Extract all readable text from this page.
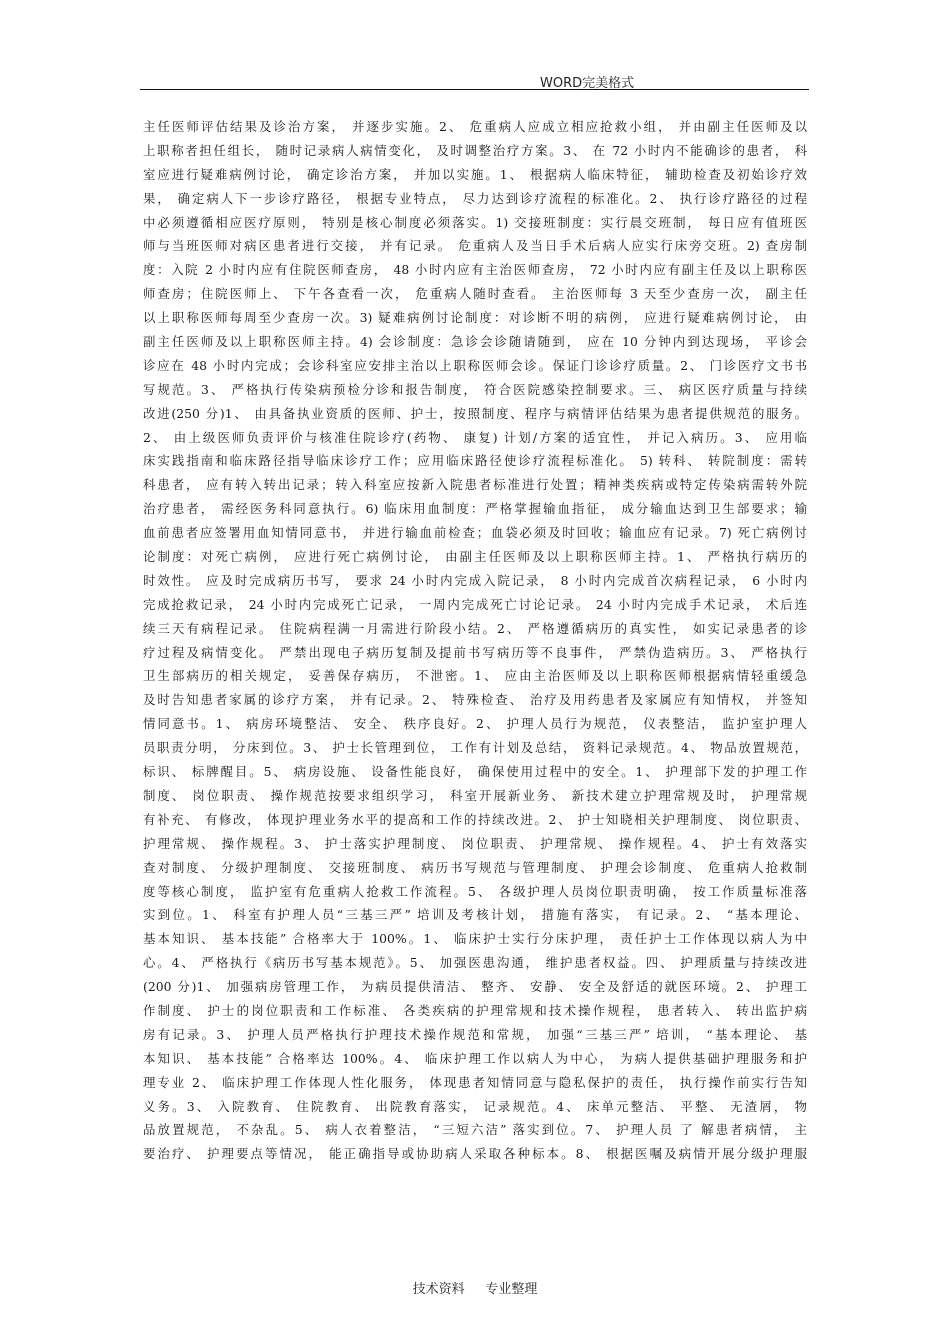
WORD完美格式
主任医师评估结果及诊治方案， 并逐步实施。2、 危重病人应成立相应抢救小组， 并由副主任医师及以
上职称者担任组长， 随时记录病人病情变化， 及时调整治疗方案。3、 在 72 小时内不能确诊的患者， 科
室应进行疑难病例讨论， 确定诊治方案， 并加以实施。1、 根据病人临床特征， 辅助检查及初始诊疗效
果， 确定病人下一步诊疗路径， 根据专业特点， 尽力达到诊疗流程的标准化。2、 执行诊疗路径的过程
中必须遵循相应医疗原则， 特别是核心制度必须落实。1) 交接班制度：实行晨交班制， 每日应有值班医
师与当班医师对病区患者进行交接， 并有记录。 危重病人及当日手术后病人应实行床旁交班。2) 查房制
度：入院 2 小时内应有住院医师查房， 48 小时内应有主治医师查房， 72 小时内应有副主任及以上职称医
师查房；住院医师上、 下午各查看一次， 危重病人随时查看。 主治医师每 3 天至少查房一次， 副主任
以上职称医师每周至少查房一次。3) 疑难病例讨论制度：对诊断不明的病例， 应进行疑难病例讨论， 由
副主任医师及以上职称医师主持。4) 会诊制度：急诊会诊随请随到， 应在 10 分钟内到达现场， 平诊会
诊应在 48 小时内完成；会诊科室应安排主治以上职称医师会诊。保证门诊诊疗质量。2、 门诊医疗文书书
写规范。3、 严格执行传染病预检分诊和报告制度， 符合医院感染控制要求。三、 病区医疗质量与持续
改进(250 分)1、 由具备执业资质的医师、护士，按照制度、程序与病情评估结果为患者提供规范的服务。
2、 由上级医师负责评价与核准住院诊疗(药物、 康复) 计划/方案的适宜性， 并记入病历。3、 应用临
床实践指南和临床路径指导临床诊疗工作；应用临床路径使诊疗流程标准化。 5) 转科、 转院制度：需转
科患者， 应有转入转出记录；转入科室应按新入院患者标准进行处置；精神类疾病或特定传染病需转外院
治疗患者， 需经医务科同意执行。6) 临床用血制度：严格掌握输血指征， 成分输血达到卫生部要求；输
血前患者应签署用血知情同意书， 并进行输血前检查；血袋必须及时回收；输血应有记录。7) 死亡病例讨
论制度：对死亡病例， 应进行死亡病例讨论， 由副主任医师及以上职称医师主持。1、 严格执行病历的
时效性。 应及时完成病历书写， 要求 24 小时内完成入院记录， 8 小时内完成首次病程记录， 6 小时内
完成抢救记录， 24 小时内完成死亡记录， 一周内完成死亡讨论记录。 24 小时内完成手术记录， 术后连
续三天有病程记录。 住院病程满一月需进行阶段小结。2、 严格遵循病历的真实性， 如实记录患者的诊
疗过程及病情变化。 严禁出现电子病历复制及提前书写病历等不良事件， 严禁伪造病历。3、 严格执行
卫生部病历的相关规定， 妥善保存病历， 不泄密。1、 应由主治医师及以上职称医师根据病情轻重缓急
及时告知患者家属的诊疗方案， 并有记录。2、 特殊检查、 治疗及用药患者及家属应有知情权， 并签知
情同意书。1、 病房环境整洁、 安全、 秩序良好。2、 护理人员行为规范， 仪表整洁， 监护室护理人
员职责分明， 分床到位。3、 护士长管理到位， 工作有计划及总结， 资料记录规范。4、 物品放置规范，
标识、 标牌醒目。5、 病房设施、 设备性能良好， 确保使用过程中的安全。1、 护理部下发的护理工作
制度、 岗位职责、 操作规范按要求组织学习， 科室开展新业务、 新技术建立护理常规及时， 护理常规
有补充、 有修改， 体现护理业务水平的提高和工作的持续改进。2、 护士知晓相关护理制度、 岗位职责、
护理常规、 操作规程。3、 护士落实护理制度、 岗位职责、 护理常规、 操作规程。4、 护士有效落实
查对制度、 分级护理制度、 交接班制度、 病历书写规范与管理制度、 护理会诊制度、 危重病人抢救制
度等核心制度， 监护室有危重病人抢救工作流程。5、 各级护理人员岗位职责明确， 按工作质量标准落
实到位。1、 科室有护理人员“三基三严” 培训及考核计划， 措施有落实， 有记录。2、 “基本理论、
基本知识、 基本技能” 合格率大于 100%。1、 临床护士实行分床护理， 责任护士工作体现以病人为中
心。4、 严格执行《病历书写基本规范》。5、 加强医患沟通， 维护患者权益。四、 护理质量与持续改进
(200 分)1、 加强病房管理工作， 为病员提供清洁、 整齐、 安静、 安全及舒适的就医环境。2、 护理工
作制度、 护士的岗位职责和工作标准、 各类疾病的护理常规和技术操作规程， 患者转入、 转出监护病
房有记录。3、 护理人员严格执行护理技术操作规范和常规， 加强“三基三严” 培训， “基本理论、 基
本知识、 基本技能” 合格率达 100%。4、 临床护理工作以病人为中心， 为病人提供基础护理服务和护
理专业 2、 临床护理工作体现人性化服务， 体现患者知情同意与隐私保护的责任， 执行操作前实行告知
义务。3、 入院教育、 住院教育、 出院教育落实， 记录规范。4、 床单元整洁、 平整、 无渣屑， 物
品放置规范， 不杂乱。5、 病人衣着整洁， “三短六洁” 落实到位。7、 护理人员 了 解患者病情， 主
要治疗、 护理要点等情况， 能正确指导或协助病人采取各种标本。8、 根据医嘱及病情开展分级护理服
技术资料     专业整理
